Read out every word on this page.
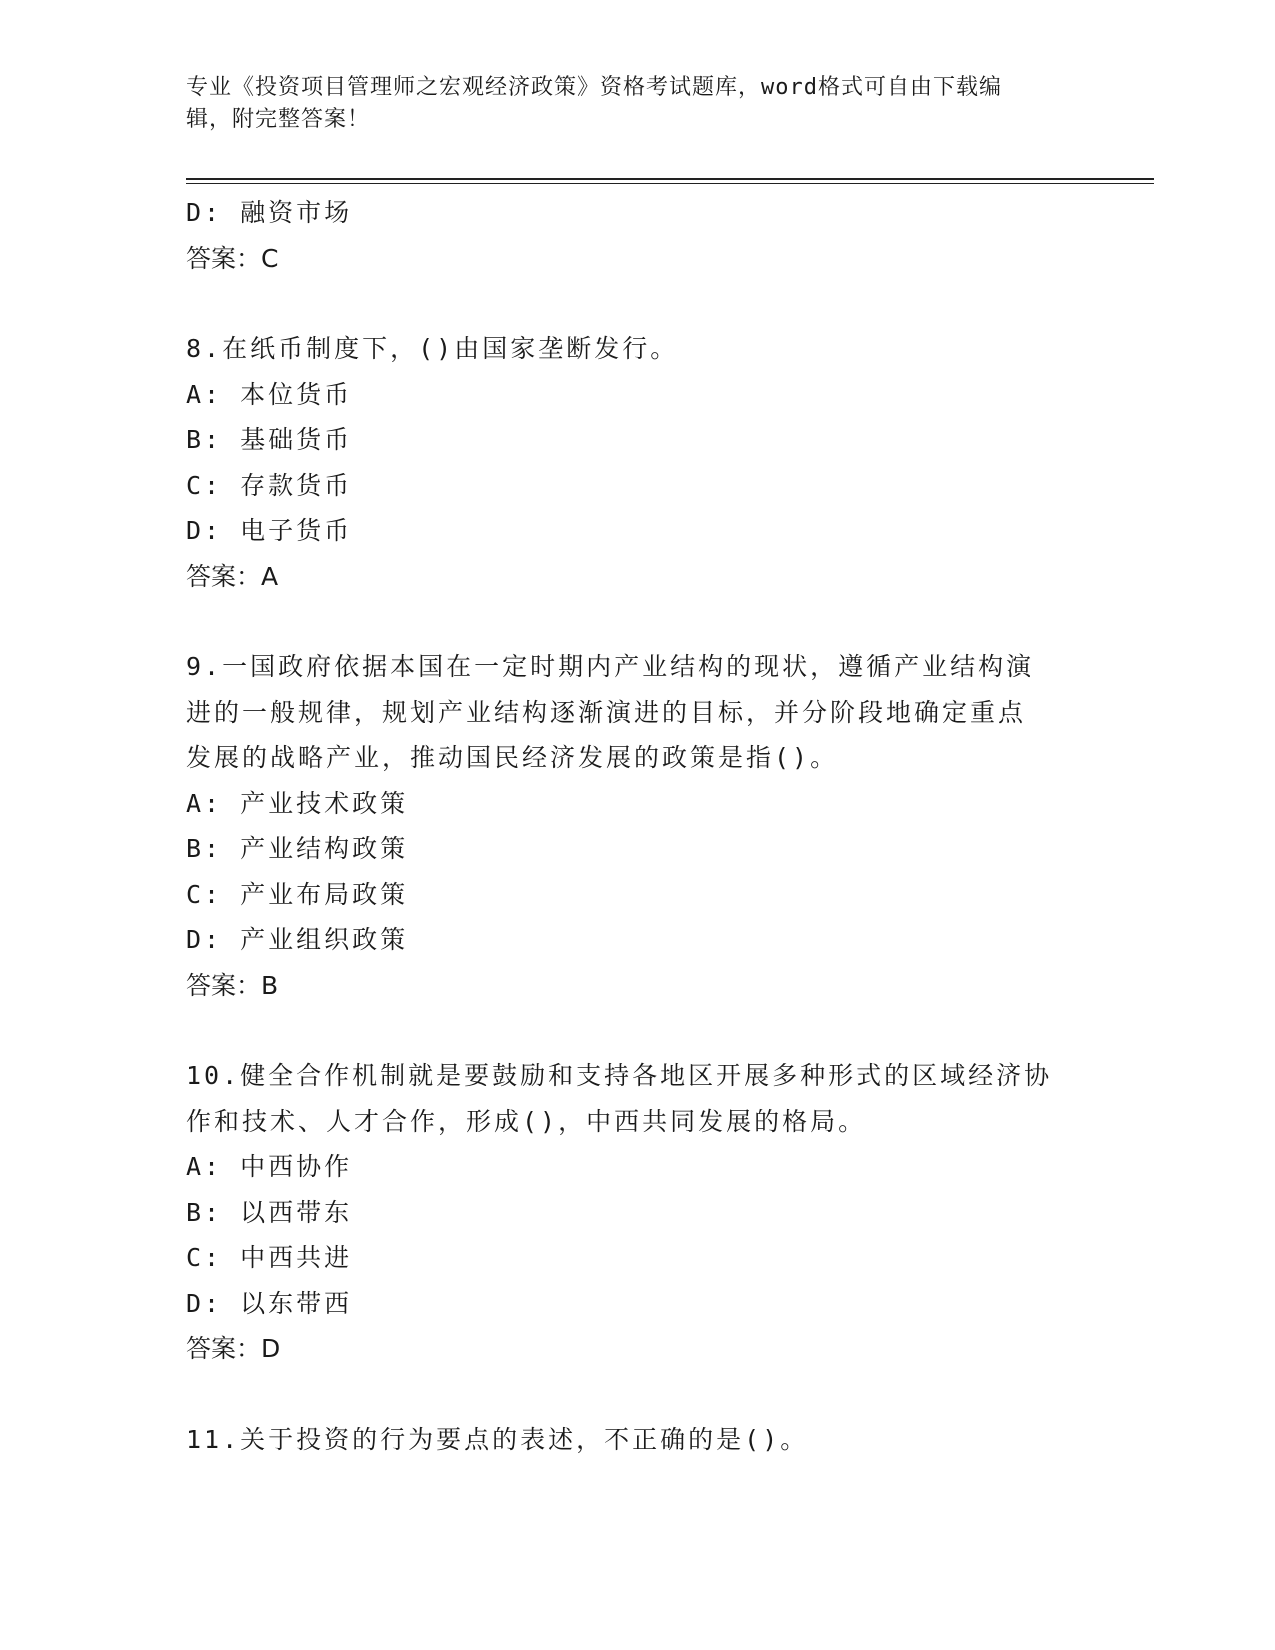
专业《投资项目管理师之宏观经济政策》资格考试题库，word格式可自由下载编
辑，附完整答案！
D: 融资市场
答案：C
8.在纸币制度下，()由国家垄断发行。
A: 本位货币
B: 基础货币
C: 存款货币
D: 电子货币
答案：A
9.一国政府依据本国在一定时期内产业结构的现状，遵循产业结构演
进的一般规律，规划产业结构逐渐演进的目标，并分阶段地确定重点
发展的战略产业，推动国民经济发展的政策是指()。
A: 产业技术政策
B: 产业结构政策
C: 产业布局政策
D: 产业组织政策
答案：B
10.健全合作机制就是要鼓励和支持各地区开展多种形式的区域经济协
作和技术、人才合作，形成()，中西共同发展的格局。
A: 中西协作
B: 以西带东
C: 中西共进
D: 以东带西
答案：D
11.关于投资的行为要点的表述，不正确的是()。
